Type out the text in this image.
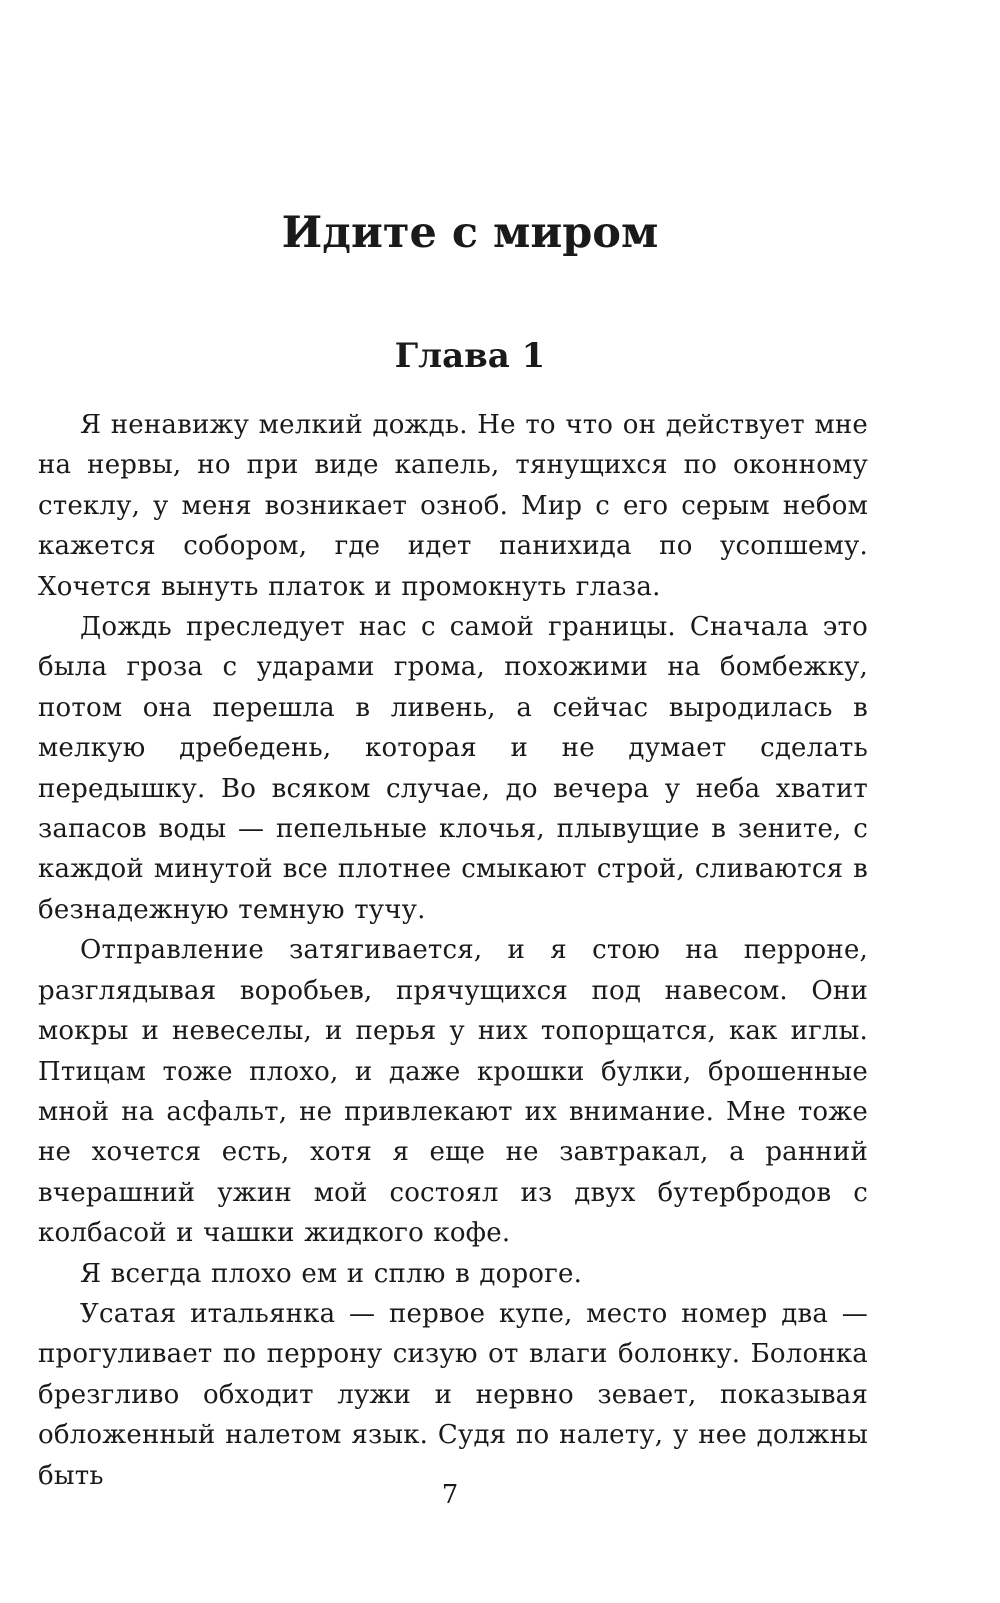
Идите с миром
Глава 1

Я ненавижу мелкий дождь. Не то что он действует мне на нервы, но при виде капель, тянущихся по оконному стеклу, у меня возникает озноб. Мир с его серым небом кажется собором, где идет панихида по усопшему. Хочется вынуть платок и промокнуть глаза.

Дождь преследует нас с самой границы. Сначала это была гроза с ударами грома, похожими на бомбежку, потом она перешла в ливень, а сейчас выродилась в мелкую дребедень, которая и не думает сделать передышку. Во всяком случае, до вечера у неба хватит запасов воды — пепельные клочья, плывущие в зените, с каждой минутой все плотнее смыкают строй, сливаются в безнадежную темную тучу.

Отправление затягивается, и я стою на перроне, разглядывая воробьев, прячущихся под навесом. Они мокры и невеселы, и перья у них топорщатся, как иглы. Птицам тоже плохо, и даже крошки булки, брошенные мной на асфальт, не привлекают их внимание. Мне тоже не хочется есть, хотя я еще не завтракал, а ранний вчерашний ужин мой состоял из двух бутербродов с колбасой и чашки жидкого кофе.

Я всегда плохо ем и сплю в дороге.

Усатая итальянка — первое купе, место номер два — прогуливает по перрону сизую от влаги болонку. Болонка брезгливо обходит лужи и нервно зевает, показывая обложенный налетом язык. Судя по налету, у нее должны быть

7
